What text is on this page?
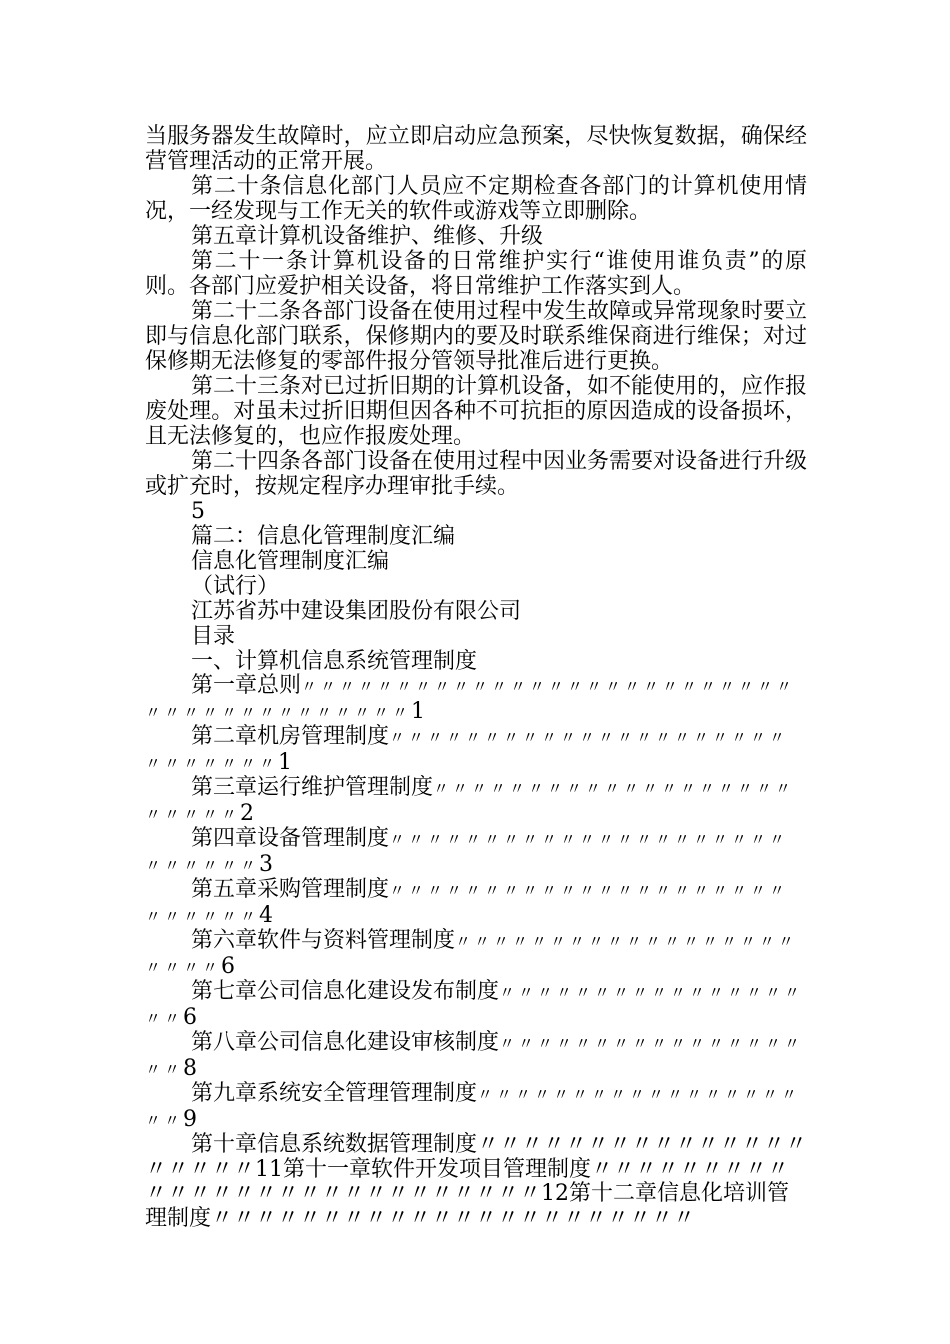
当服务器发生故障时，应立即启动应急预案，尽快恢复数据，确保经营管理活动的正常开展。

第二十条信息化部门人员应不定期检查各部门的计算机使用情况，一经发现与工作无关的软件或游戏等立即删除。

第五章计算机设备维护、维修、升级

第二十一条计算机设备的日常维护实行“谁使用谁负责”的原则。各部门应爱护相关设备，将日常维护工作落实到人。

第二十二条各部门设备在使用过程中发生故障或异常现象时要立即与信息化部门联系，保修期内的要及时联系维保商进行维保；对过保修期无法修复的零部件报分管领导批准后进行更换。

第二十三条对已过折旧期的计算机设备，如不能使用的，应作报废处理。对虽未过折旧期但因各种不可抗拒的原因造成的设备损坏，且无法修复的，也应作报废处理。

第二十四条各部门设备在使用过程中因业务需要对设备进行升级或扩充时，按规定程序办理审批手续。

5

篇二：信息化管理制度汇编

信息化管理制度汇编

（试行）

江苏省苏中建设集团股份有限公司

目录

一、计算机信息系统管理制度

第一章总则〃〃〃〃〃〃〃〃〃〃〃〃〃〃〃〃〃〃〃〃〃〃〃〃〃〃〃〃〃〃〃〃〃〃〃〃〃〃〃〃1

第二章机房管理制度〃〃〃〃〃〃〃〃〃〃〃〃〃〃〃〃〃〃〃〃〃〃〃〃〃〃〃〃1

第三章运行维护管理制度〃〃〃〃〃〃〃〃〃〃〃〃〃〃〃〃〃〃〃〃〃〃〃〃2

第四章设备管理制度〃〃〃〃〃〃〃〃〃〃〃〃〃〃〃〃〃〃〃〃〃〃〃〃〃〃〃3

第五章采购管理制度〃〃〃〃〃〃〃〃〃〃〃〃〃〃〃〃〃〃〃〃〃〃〃〃〃〃〃4

第六章软件与资料管理制度〃〃〃〃〃〃〃〃〃〃〃〃〃〃〃〃〃〃〃〃〃〃6

第七章公司信息化建设发布制度〃〃〃〃〃〃〃〃〃〃〃〃〃〃〃〃〃〃6

第八章公司信息化建设审核制度〃〃〃〃〃〃〃〃〃〃〃〃〃〃〃〃〃〃8

第九章系统安全管理管理制度〃〃〃〃〃〃〃〃〃〃〃〃〃〃〃〃〃〃〃9

第十章信息系统数据管理制度〃〃〃〃〃〃〃〃〃〃〃〃〃〃〃〃〃〃〃〃11第十一章软件开发项目管理制度〃〃〃〃〃〃〃〃〃〃〃〃〃〃〃〃〃〃〃〃〃〃〃〃〃〃〃12第十二章信息化培训管理制度〃〃〃〃〃〃〃〃〃〃〃〃〃〃〃〃〃〃〃〃〃〃
